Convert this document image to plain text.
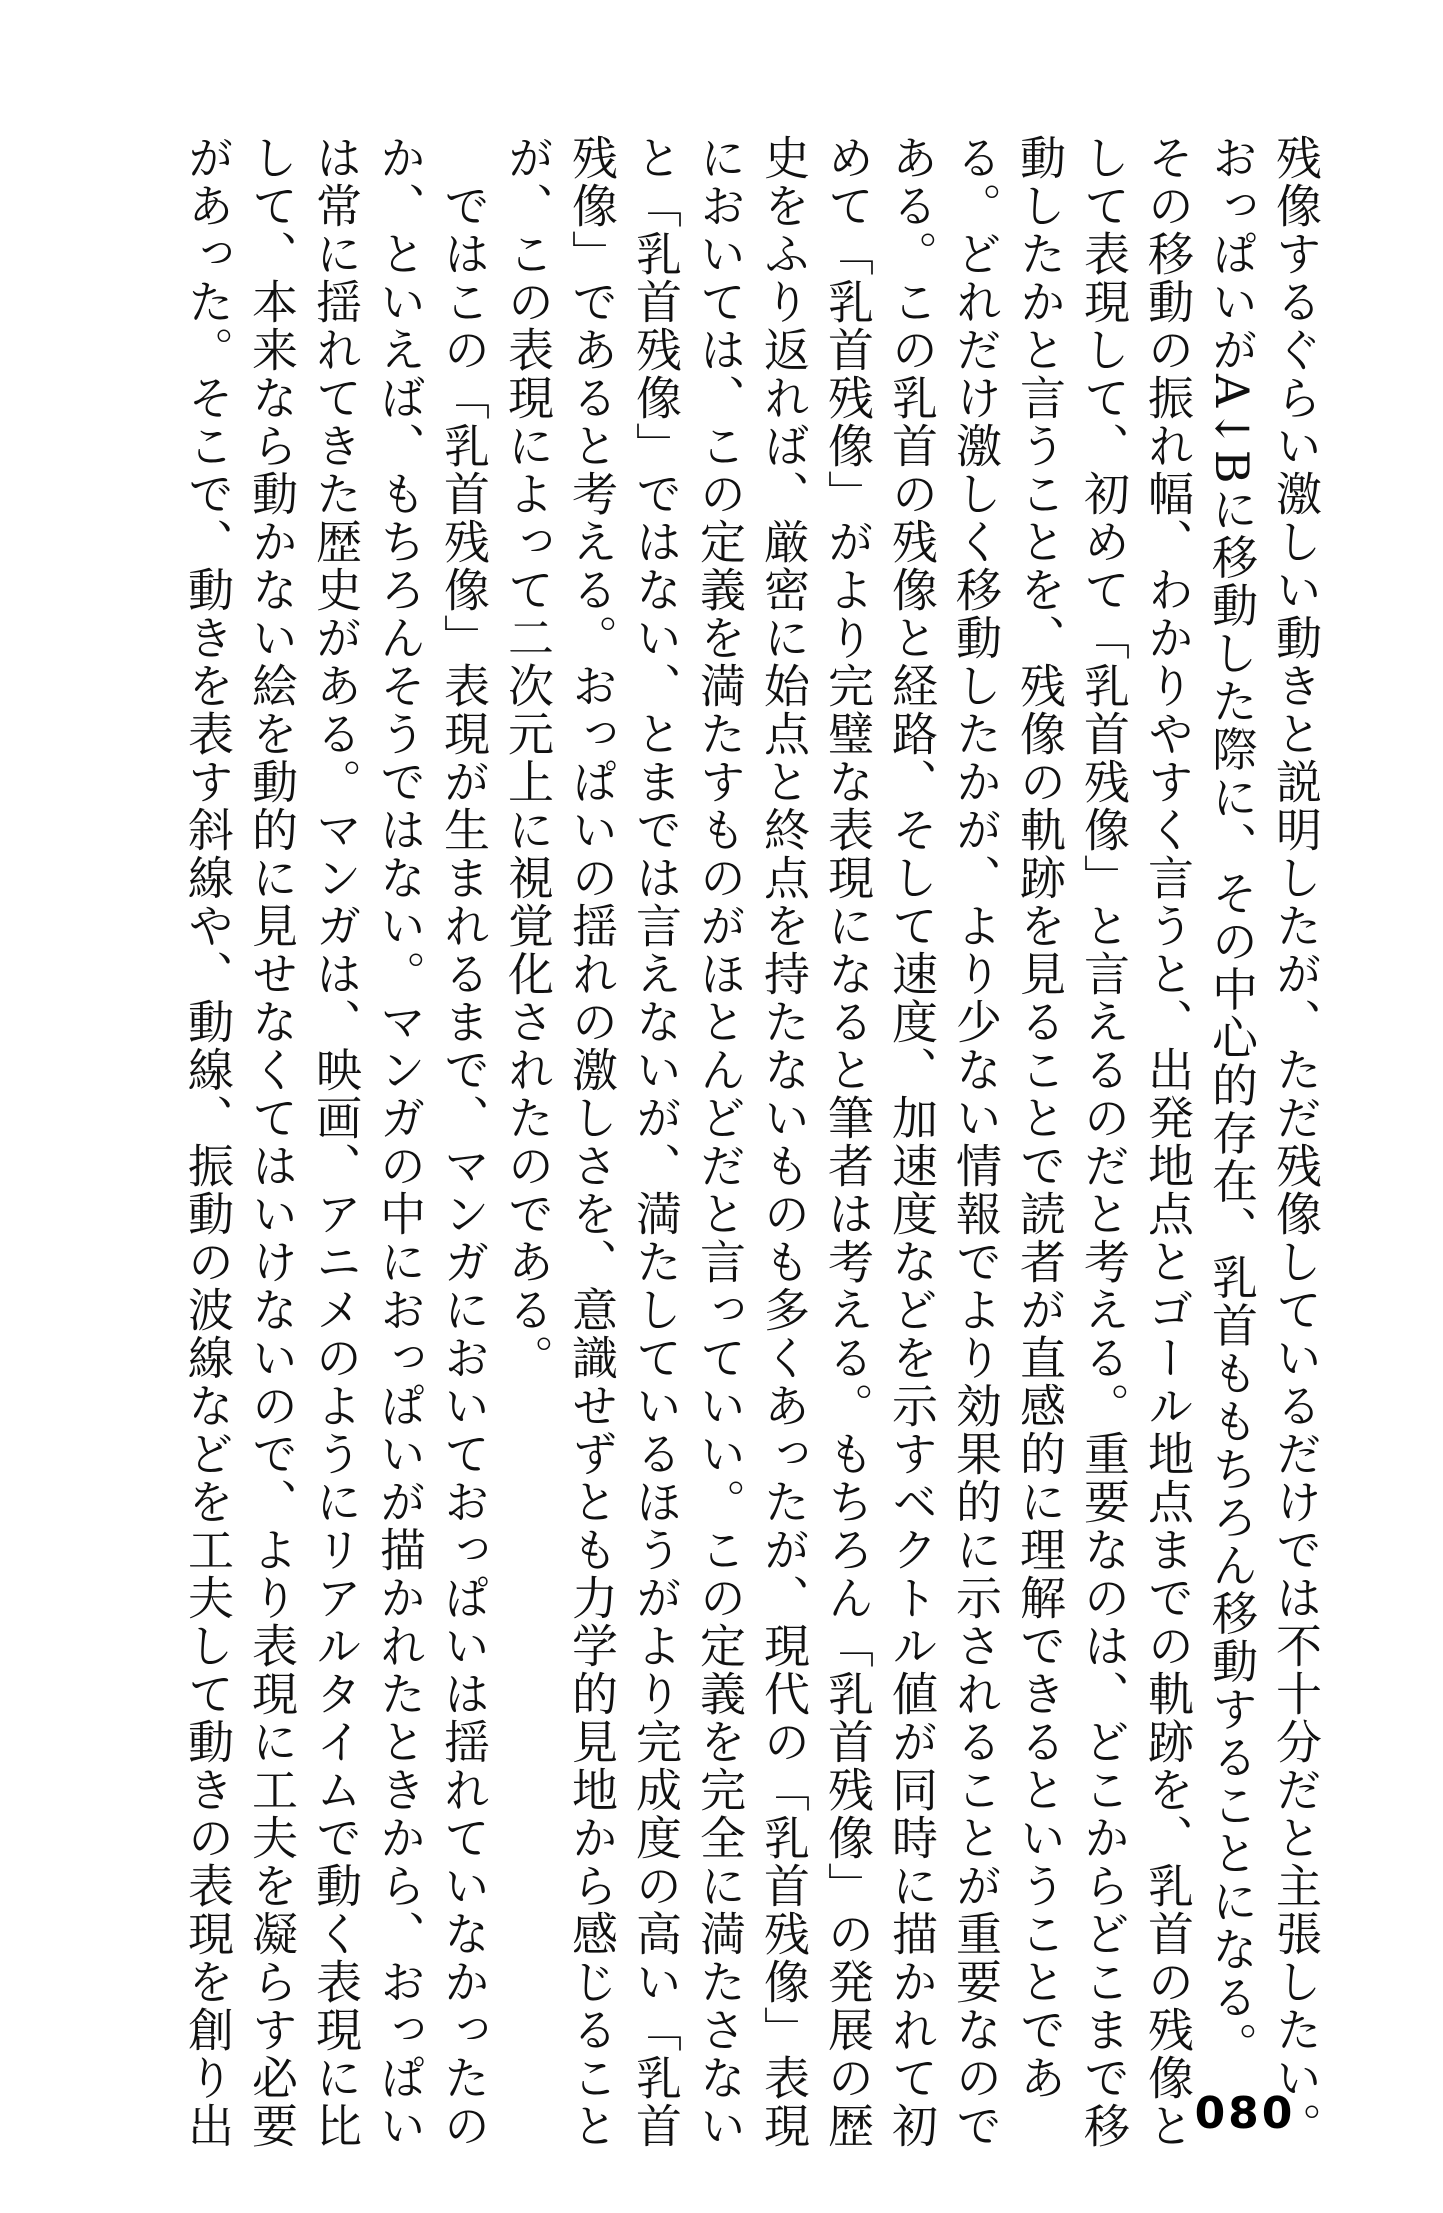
残像するぐらい激しい動きと説明したが、ただ残像しているだけでは不十分だと主張したい。
おっぱいがA↓Bに移動した際に、その中心的存在、乳首ももちろん移動することになる。
その移動の振れ幅、わかりやすく言うと、出発地点とゴール地点までの軌跡を、乳首の残像と
して表現して、初めて「乳首残像」と言えるのだと考える。重要なのは、どこからどこまで移
動したかと言うことを、残像の軌跡を見ることで読者が直感的に理解できるということであ
る。どれだけ激しく移動したかが、より少ない情報でより効果的に示されることが重要なので
ある。この乳首の残像と経路、そして速度、加速度などを示すベクトル値が同時に描かれて初
めて「乳首残像」がより完璧な表現になると筆者は考える。もちろん「乳首残像」の発展の歴
史をふり返れば、厳密に始点と終点を持たないものも多くあったが、現代の「乳首残像」表現
においては、この定義を満たすものがほとんどだと言っていい。この定義を完全に満たさない
と「乳首残像」ではない、とまでは言えないが、満たしているほうがより完成度の高い「乳首
残像」であると考える。おっぱいの揺れの激しさを、意識せずとも力学的見地から感じること
が、この表現によって二次元上に視覚化されたのである。
　ではこの「乳首残像」表現が生まれるまで、マンガにおいておっぱいは揺れていなかったの
か、といえば、もちろんそうではない。マンガの中におっぱいが描かれたときから、おっぱい
は常に揺れてきた歴史がある。マンガは、映画、アニメのようにリアルタイムで動く表現に比
して、本来なら動かない絵を動的に見せなくてはいけないので、より表現に工夫を凝らす必要
があった。そこで、動きを表す斜線や、動線、振動の波線などを工夫して動きの表現を創り出	080
